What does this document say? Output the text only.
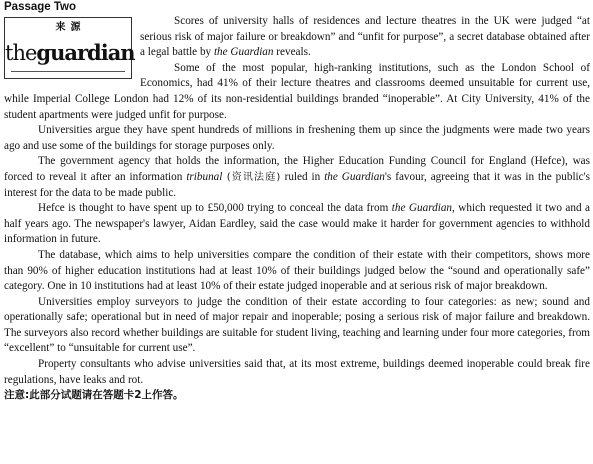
Passage Two
来源
theguardian

Scores of university halls of residences and lecture theatres in the UK were judged “at serious risk of major failure or breakdown” and “unfit for purpose”, a secret database obtained after a legal battle by the Guardian reveals.

Some of the most popular, high-ranking institutions, such as the London School of Economics, had 41% of their lecture theatres and classrooms deemed unsuitable for current use, while Imperial College London had 12% of its non-residential buildings branded “inoperable”. At City University, 41% of the student apartments were judged unfit for purpose.

Universities argue they have spent hundreds of millions in freshening them up since the judgments were made two years ago and use some of the buildings for storage purposes only.

The government agency that holds the information, the Higher Education Funding Council for England (Hefce), was forced to reveal it after an information tribunal (资讯法庭) ruled in the Guardian's favour, agreeing that it was in the public's interest for the data to be made public.

Hefce is thought to have spent up to £50,000 trying to conceal the data from the Guardian, which requested it two and a half years ago. The newspaper's lawyer, Aidan Eardley, said the case would make it harder for government agencies to withhold information in future.

The database, which aims to help universities compare the condition of their estate with their competitors, shows more than 90% of higher education institutions had at least 10% of their buildings judged below the “sound and operationally safe” category. One in 10 institutions had at least 10% of their estate judged inoperable and at serious risk of major breakdown.

Universities employ surveyors to judge the condition of their estate according to four categories: as new; sound and operationally safe; operational but in need of major repair and inoperable; posing a serious risk of major failure and breakdown. The surveyors also record whether buildings are suitable for student living, teaching and learning under four more categories, from “excellent” to “unsuitable for current use”.

Property consultants who advise universities said that, at its most extreme, buildings deemed inoperable could break fire regulations, have leaks and rot.

注意:此部分试题请在答题卡2上作答。
